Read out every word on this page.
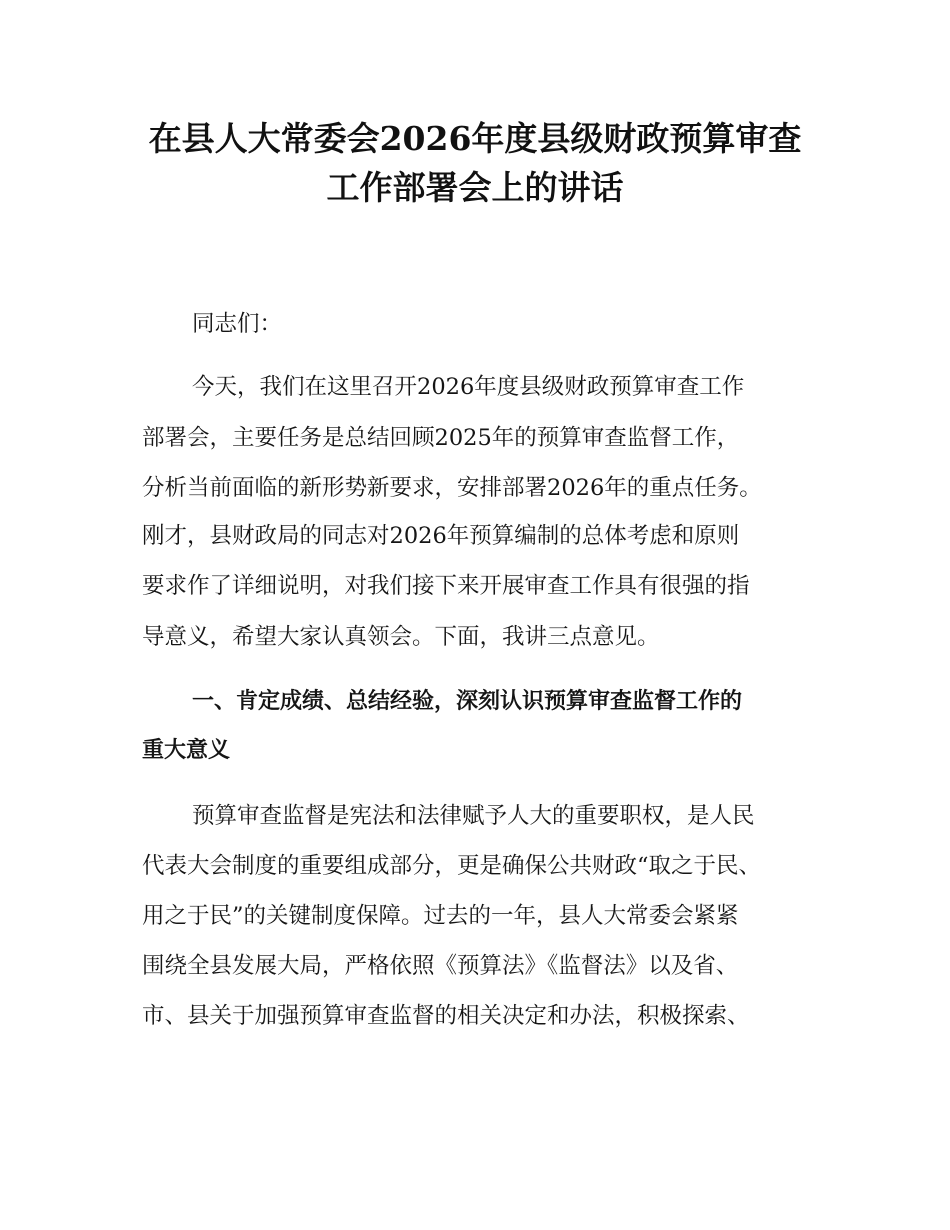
在县人大常委会2026年度县级财政预算审查
工作部署会上的讲话

同志们：

今天，我们在这里召开2026年度县级财政预算审查工作

部署会，主要任务是总结回顾2025年的预算审查监督工作，

分析当前面临的新形势新要求，安排部署2026年的重点任务。

刚才，县财政局的同志对2026年预算编制的总体考虑和原则

要求作了详细说明，对我们接下来开展审查工作具有很强的指

导意义，希望大家认真领会。下面，我讲三点意见。

一、肯定成绩、总结经验，深刻认识预算审查监督工作的

重大意义

预算审查监督是宪法和法律赋予人大的重要职权，是人民

代表大会制度的重要组成部分，更是确保公共财政“取之于民、

用之于民”的关键制度保障。过去的一年，县人大常委会紧紧

围绕全县发展大局，严格依照《预算法》《监督法》以及省、

市、县关于加强预算审查监督的相关决定和办法，积极探索、
